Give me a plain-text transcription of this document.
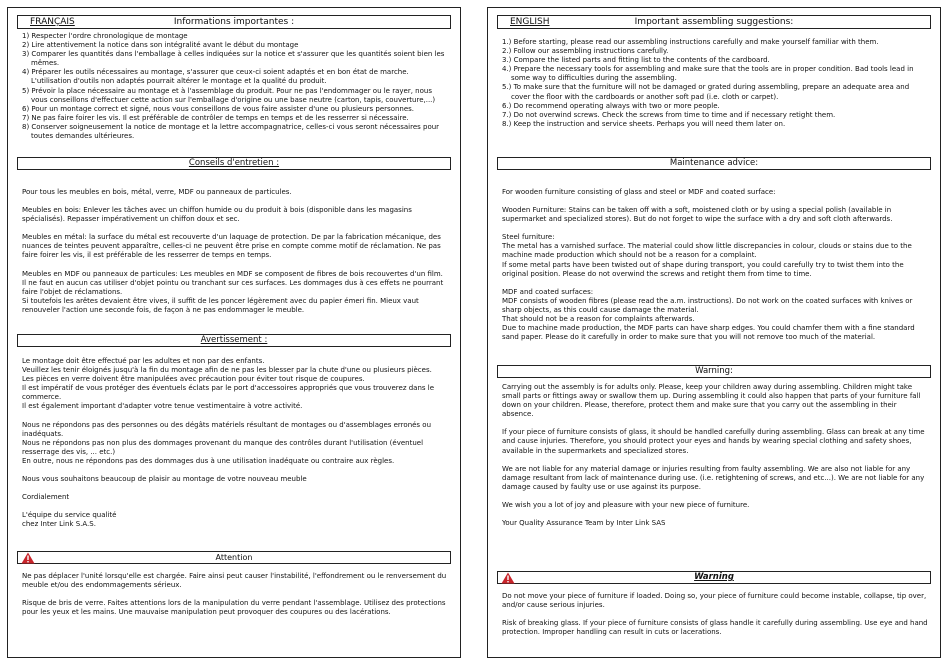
FRANÇAIS	Informations importantes :
1) Respecter l'ordre chronologique de montage
2) Lire attentivement la notice dans son intégralité avant le début du montage
3) Comparer les quantités dans l'emballage à celles indiquées sur la notice et s'assurer que les quantités soient bien les mêmes.
4) Préparer les outils nécessaires au montage, s'assurer que ceux-ci soient adaptés et en bon état de marche. L'utilisation d'outils non adaptés pourrait altérer le montage et la qualité du produit.
5) Prévoir la place nécessaire au montage et à l'assemblage du produit. Pour ne pas l'endommager ou le rayer, nous vous conseillons d'effectuer cette action sur l'emballage d'origine ou une base neutre (carton, tapis, couverture,...)
6) Pour un montage correct et signé, nous vous conseillons de vous faire assister d'une ou plusieurs personnes.
7) Ne pas faire foirer les vis. Il est préférable de contrôler de temps en temps et de les resserrer si nécessaire.
8) Conserver soigneusement la notice de montage et la lettre accompagnatrice, celles-ci vous seront nécessaires pour toutes demandes ultérieures.
Conseils d'entretien :

Pour tous les meubles en bois, métal, verre, MDF ou panneaux de particules.

Meubles en bois: Enlever les tâches avec un chiffon humide ou du produit à bois (disponible dans les magasins spécialisés). Repasser impérativement un chiffon doux et sec.

Meubles en métal: la surface du métal est recouverte d'un laquage de protection. De par la fabrication mécanique, des nuances de teintes peuvent apparaître, celles-ci ne peuvent être prise en compte comme motif de réclamation. Ne pas faire foirer les vis, il est préférable de les resserrer de temps en temps.

Meubles en MDF ou panneaux de particules: Les meubles en MDF se composent de fibres de bois recouvertes d'un film. Il ne faut en aucun cas utiliser d'objet pointu ou tranchant sur ces surfaces. Les dommages dus à ces effets ne pourrant faire l'objet de réclamations.

Si toutefois les arêtes devaient être vives, il suffit de les poncer légèrement avec du papier émeri fin. Mieux vaut renouveler l'action une seconde fois, de façon à ne pas endommager le meuble.

Avertissement :

Le montage doit être effectué par les adultes et non par des enfants.

Veuillez les tenir éloignés jusqu'à la fin du montage afin de ne pas les blesser par la chute d'une ou plusieurs pièces.

Les pièces en verre doivent être manipulées avec précaution pour éviter tout risque de coupures.

Il est impératif de vous protéger des éventuels éclats par le port d'accessoires appropriés que vous trouverez dans le commerce.

Il est également important d'adapter votre tenue vestimentaire à votre activité.

Nous ne répondons pas des personnes ou des dégâts matériels résultant de montages ou d'assemblages erronés ou inadéquats.

Nous ne répondons pas non plus des dommages provenant du manque des contrôles durant l'utilisation (éventuel resserrage des vis, ... etc.)

En outre, nous ne répondons pas des dommages dus à une utilisation inadéquate ou contraire aux règles.

Nous vous souhaitons beaucoup de plaisir au montage de votre nouveau meuble

Cordialement

L'équipe du service qualité

chez Inter Link S.A.S.

Attention

Ne pas déplacer l'unité lorsqu'elle est chargée. Faire ainsi peut causer l'instabilité, l'effondrement ou le renversement du meuble et/ou des endommagements sérieux.

Risque de bris de verre. Faites attentions lors de la manipulation du verre pendant l'assemblage. Utilisez des protections pour les yeux et les mains. Une mauvaise manipulation peut provoquer des coupures ou des lacérations.

ENGLISH	Important assembling suggestions:
1.) Before starting, please read our assembling instructions carefully and make yourself familiar with them.
2.) Follow our assembling instructions carefully.
3.) Compare the listed parts and fitting list to the contents of the cardboard.
4.) Prepare the necessary tools for assembling and make sure that the tools are in proper condition. Bad tools lead in some way to difficulties during the assembling.
5.) To make sure that the furniture will not be damaged or grated during assembling, prepare an adequate area and cover the floor with the cardboards or another soft pad (i.e. cloth or carpet).
6.) Do recommend operating always with two or more people.
7.) Do not overwind screws. Check the screws from time to time and if necessary retight them.
8.) Keep the instruction and service sheets. Perhaps you will need them later on.
Maintenance advice:

For wooden furniture consisting of glass and steel or MDF and coated surface:

Wooden Furniture: Stains can be taken off with a soft, moistened cloth or by using a special polish (available in supermarket and specialized stores). But do not forget to wipe the surface with a dry and soft cloth afterwards.

Steel furniture:

The metal has a varnished surface. The material could show little discrepancies in colour, clouds or stains due to the machine made production which should not be a reason for a complaint.

If some metal parts have been twisted out of shape during transport, you could carefully try to twist them into the original position. Please do not overwind the screws and retight them from time to time.

MDF and coated surfaces:

MDF consists of wooden fibres (please read the a.m. instructions). Do not work on the coated surfaces with knives or sharp objects, as this could cause damage the material.

That should not be a reason for complaints afterwards.

Due to machine made production, the MDF parts can have sharp edges. You could chamfer them with a fine standard sand paper. Please do it carefully in order to make sure that you will not remove too much of the material.

Warning:

Carrying out the assembly is for adults only. Please, keep your children away during assembling. Children might take small parts or fittings away or swallow them up. During assembling it could also happen that parts of your furniture fall down on your children. Please, therefore, protect them and make sure that you carry out the assembling in their absence.

If your piece of furniture consists of glass, it should be handled carefully during assembling. Glass can break at any time and cause injuries. Therefore, you should protect your eyes and hands by wearing special clothing and safety shoes, available in the supermarkets and specialized stores.

We are not liable for any material damage or injuries resulting from faulty assembling. We are also not liable for any damage resultant from lack of maintenance during use. (i.e. retightening of screws, and etc...). We are not liable for any damage caused by faulty use or use against its purpose.

We wish you a lot of joy and pleasure with your new piece of furniture.

Your Quality Assurance Team by Inter Link SAS

Warning

Do not move your piece of furniture if loaded. Doing so, your piece of furniture could become instable, collapse, tip over, and/or cause serious injuries.

Risk of breaking glass. If your piece of furniture consists of glass handle it carefully during assembling. Use eye and hand protection. Improper handling can result in cuts or lacerations.
